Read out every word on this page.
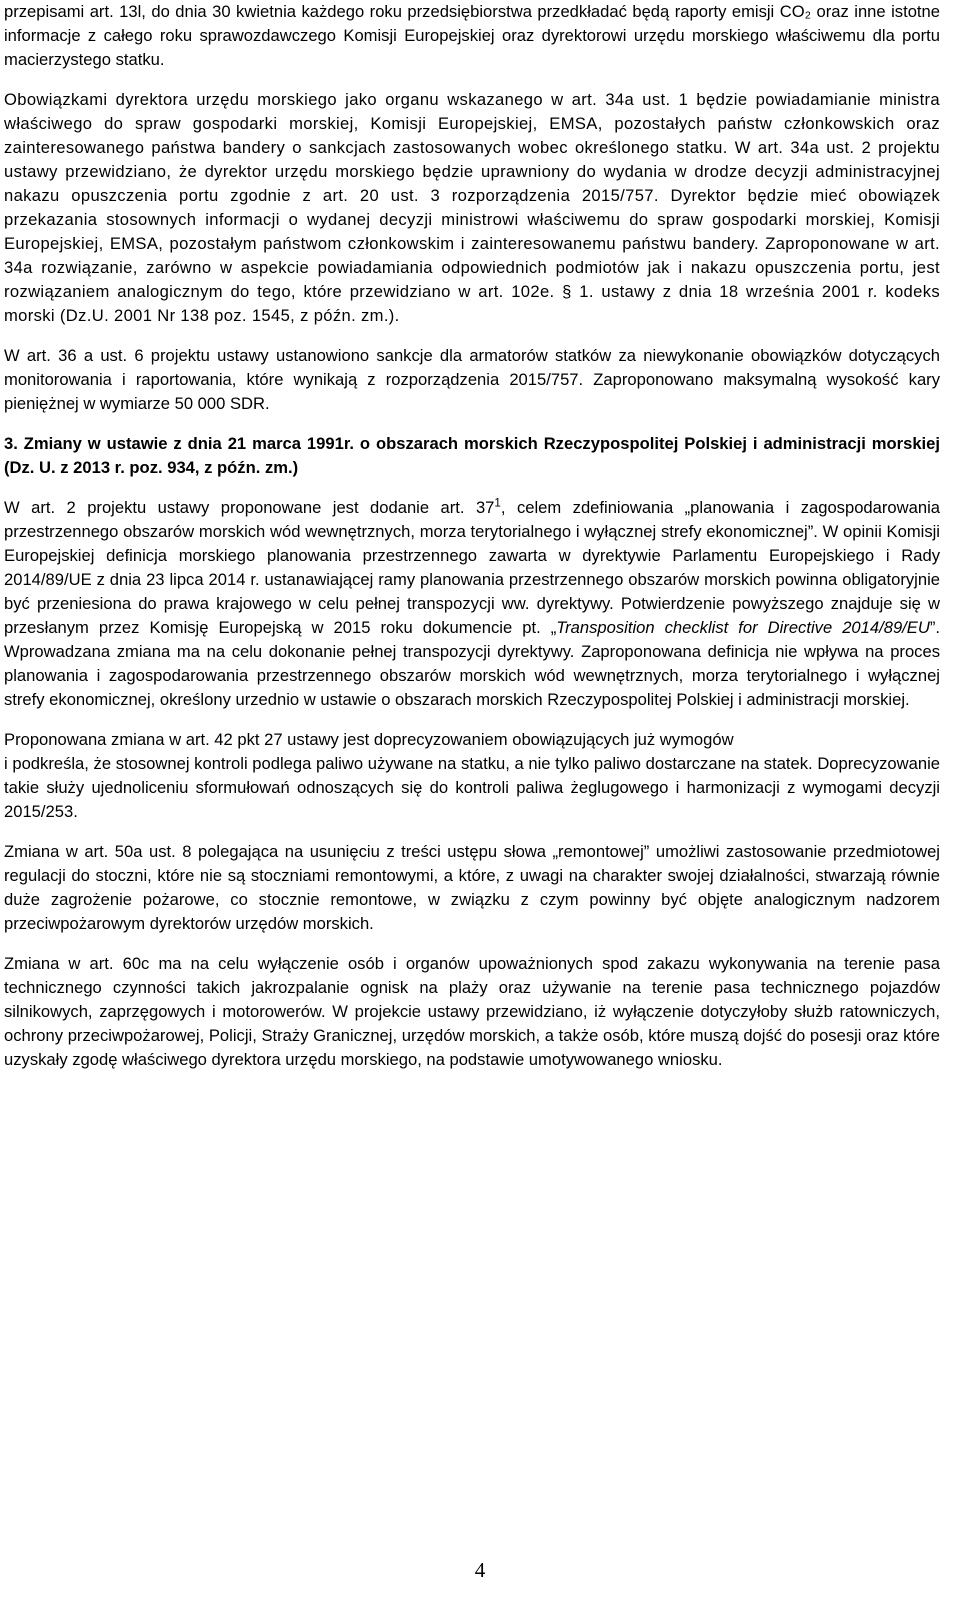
przepisami art. 13l, do dnia 30 kwietnia każdego roku przedsiębiorstwa przedkładać będą raporty emisji CO₂ oraz inne istotne informacje z całego roku sprawozdawczego Komisji Europejskiej oraz dyrektorowi urzędu morskiego właściwemu dla portu macierzystego statku.

Obowiązkami dyrektora urzędu morskiego jako organu wskazanego w art. 34a ust. 1 będzie powiadamianie ministra właściwego do spraw gospodarki morskiej, Komisji Europejskiej, EMSA, pozostałych państw członkowskich oraz zainteresowanego państwa bandery o sankcjach zastosowanych wobec określonego statku. W art. 34a ust. 2 projektu ustawy przewidziano, że dyrektor urzędu morskiego będzie uprawniony do wydania w drodze decyzji administracyjnej nakazu opuszczenia portu zgodnie z art. 20 ust. 3 rozporządzenia 2015/757. Dyrektor będzie mieć obowiązek przekazania stosownych informacji o wydanej decyzji ministrowi właściwemu do spraw gospodarki morskiej, Komisji Europejskiej, EMSA, pozostałym państwom członkowskim i zainteresowanemu państwu bandery. Zaproponowane w art. 34a rozwiązanie, zarówno w aspekcie powiadamiania odpowiednich podmiotów jak i nakazu opuszczenia portu, jest rozwiązaniem analogicznym do tego, które przewidziano w art. 102e. § 1. ustawy z dnia 18 września 2001 r. kodeks morski (Dz.U. 2001 Nr 138 poz. 1545, z późn. zm.).

W art. 36 a ust. 6 projektu ustawy ustanowiono sankcje dla armatorów statków za niewykonanie obowiązków dotyczących monitorowania i raportowania, które wynikają z rozporządzenia 2015/757. Zaproponowano maksymalną wysokość kary pieniężnej w wymiarze 50 000 SDR.

3. Zmiany w ustawie z dnia 21 marca 1991r. o obszarach morskich Rzeczypospolitej Polskiej i administracji morskiej (Dz. U. z 2013 r. poz. 934, z późn. zm.)

W art. 2 projektu ustawy proponowane jest dodanie art. $37^1$, celem zdefiniowania „planowania i zagospodarowania przestrzennego obszarów morskich wód wewnętrznych, morza terytorialnego i wyłącznej strefy ekonomicznej”. W opinii Komisji Europejskiej definicja morskiego planowania przestrzennego zawarta w dyrektywie Parlamentu Europejskiego i Rady 2014/89/UE z dnia 23 lipca 2014 r. ustanawiającej ramy planowania przestrzennego obszarów morskich powinna obligatoryjnie być przeniesiona do prawa krajowego w celu pełnej transpozycji ww. dyrektywy. Potwierdzenie powyższego znajduje się w przesłanym przez Komisję Europejską w 2015 roku dokumencie pt. „Transposition checklist for Directive 2014/89/EU”. Wprowadzana zmiana ma na celu dokonanie pełnej transpozycji dyrektywy. Zaproponowana definicja nie wpływa na proces planowania i zagospodarowania przestrzennego obszarów morskich wód wewnętrznych, morza terytorialnego i wyłącznej strefy ekonomicznej, określony urzednio w ustawie o obszarach morskich Rzeczypospolitej Polskiej i administracji morskiej.

Proponowana zmiana w art. 42 pkt 27 ustawy jest doprecyzowaniem obowiązujących już wymogów

i podkreśla, że stosownej kontroli podlega paliwo używane na statku, a nie tylko paliwo dostarczane na statek. Doprecyzowanie takie służy ujednoliceniu sformułowań odnoszących się do kontroli paliwa żeglugowego i harmonizacji z wymogami decyzji 2015/253.

Zmiana w art. 50a ust. 8 polegająca na usunięciu z treści ustępu słowa „remontowej” umożliwi zastosowanie przedmiotowej regulacji do stoczni, które nie są stoczniami remontowymi, a które, z uwagi na charakter swojej działalności, stwarzają równie duże zagrożenie pożarowe, co stocznie remontowe, w związku z czym powinny być objęte analogicznym nadzorem przeciwpożarowym dyrektorów urzędów morskich.

Zmiana w art. 60c ma na celu wyłączenie osób i organów upoważnionych spod zakazu wykonywania na terenie pasa technicznego czynności takich jakrozpalanie ognisk na plaży oraz używanie na terenie pasa technicznego pojazdów silnikowych, zaprzęgowych i motorowerów. W projekcie ustawy przewidziano, iż wyłączenie dotyczyłoby służb ratowniczych, ochrony przeciwpożarowej, Policji, Straży Granicznej, urzędów morskich, a także osób, które muszą dojść do posesji oraz które uzyskały zgodę właściwego dyrektora urzędu morskiego, na podstawie umotywowanego wniosku.

4
